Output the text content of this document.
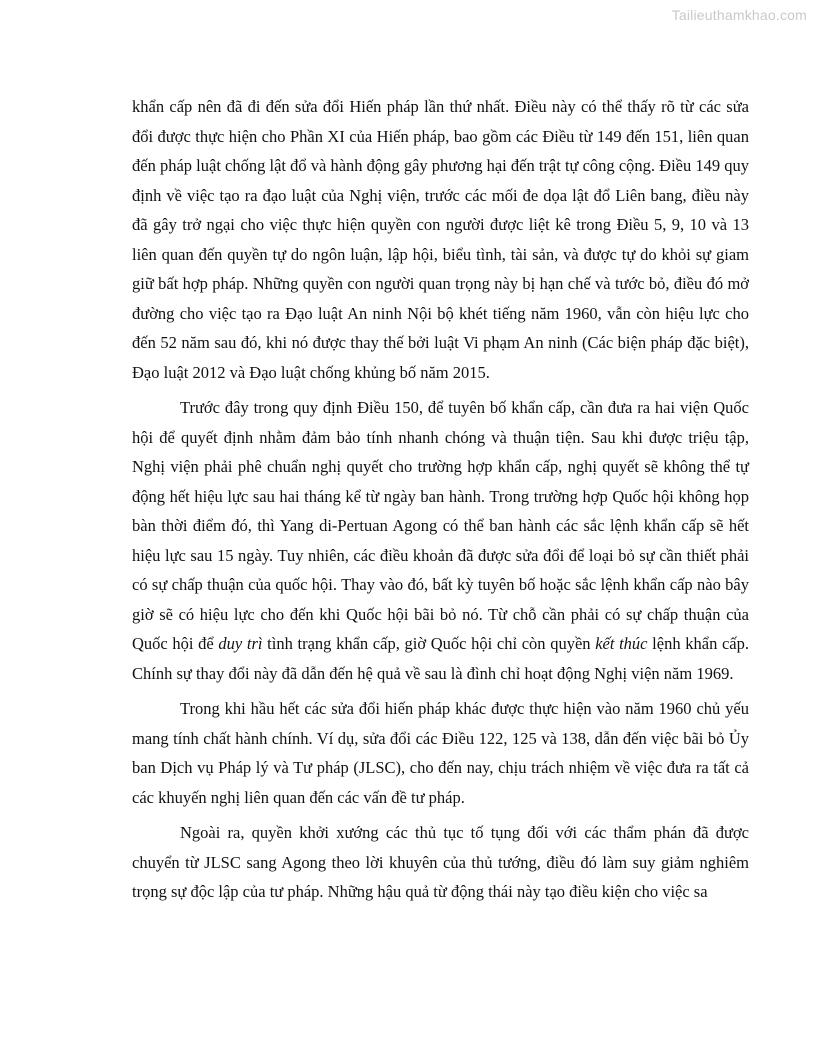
Tailieuthamkhao.com

khẩn cấp nên đã đi đến sửa đổi Hiến pháp lần thứ nhất. Điều này có thể thấy rõ từ các sửa đổi được thực hiện cho Phần XI của Hiến pháp, bao gồm các Điều từ 149 đến 151, liên quan đến pháp luật chống lật đổ và hành động gây phương hại đến trật tự công cộng. Điều 149 quy định về việc tạo ra đạo luật của Nghị viện, trước các mối đe dọa lật đổ Liên bang, điều này đã gây trở ngại cho việc thực hiện quyền con người được liệt kê trong Điều 5, 9, 10 và 13 liên quan đến quyền tự do ngôn luận, lập hội, biểu tình, tài sản, và được tự do khỏi sự giam giữ bất hợp pháp. Những quyền con người quan trọng này bị hạn chế và tước bỏ, điều đó mở đường cho việc tạo ra Đạo luật An ninh Nội bộ khét tiếng năm 1960, vẫn còn hiệu lực cho đến 52 năm sau đó, khi nó được thay thế bởi luật Vi phạm An ninh (Các biện pháp đặc biệt), Đạo luật 2012 và Đạo luật chống khủng bố năm 2015.

Trước đây trong quy định Điều 150, để tuyên bố khẩn cấp, cần đưa ra hai viện Quốc hội để quyết định nhằm đảm bảo tính nhanh chóng và thuận tiện. Sau khi được triệu tập, Nghị viện phải phê chuẩn nghị quyết cho trường hợp khẩn cấp, nghị quyết sẽ không thể tự động hết hiệu lực sau hai tháng kể từ ngày ban hành. Trong trường hợp Quốc hội không họp bàn thời điểm đó, thì Yang di-Pertuan Agong có thể ban hành các sắc lệnh khẩn cấp sẽ hết hiệu lực sau 15 ngày. Tuy nhiên, các điều khoản đã được sửa đổi để loại bỏ sự cần thiết phải có sự chấp thuận của quốc hội. Thay vào đó, bất kỳ tuyên bố hoặc sắc lệnh khẩn cấp nào bây giờ sẽ có hiệu lực cho đến khi Quốc hội bãi bỏ nó. Từ chỗ cần phải có sự chấp thuận của Quốc hội để duy trì tình trạng khẩn cấp, giờ Quốc hội chỉ còn quyền kết thúc lệnh khẩn cấp. Chính sự thay đổi này đã dẫn đến hệ quả về sau là đình chỉ hoạt động Nghị viện năm 1969.

Trong khi hầu hết các sửa đổi hiến pháp khác được thực hiện vào năm 1960 chủ yếu mang tính chất hành chính. Ví dụ, sửa đổi các Điều 122, 125 và 138, dẫn đến việc bãi bỏ Ủy ban Dịch vụ Pháp lý và Tư pháp (JLSC), cho đến nay, chịu trách nhiệm về việc đưa ra tất cả các khuyến nghị liên quan đến các vấn đề tư pháp.

Ngoài ra, quyền khởi xướng các thủ tục tố tụng đối với các thẩm phán đã được chuyển từ JLSC sang Agong theo lời khuyên của thủ tướng, điều đó làm suy giảm nghiêm trọng sự độc lập của tư pháp. Những hậu quả từ động thái này tạo điều kiện cho việc sa
